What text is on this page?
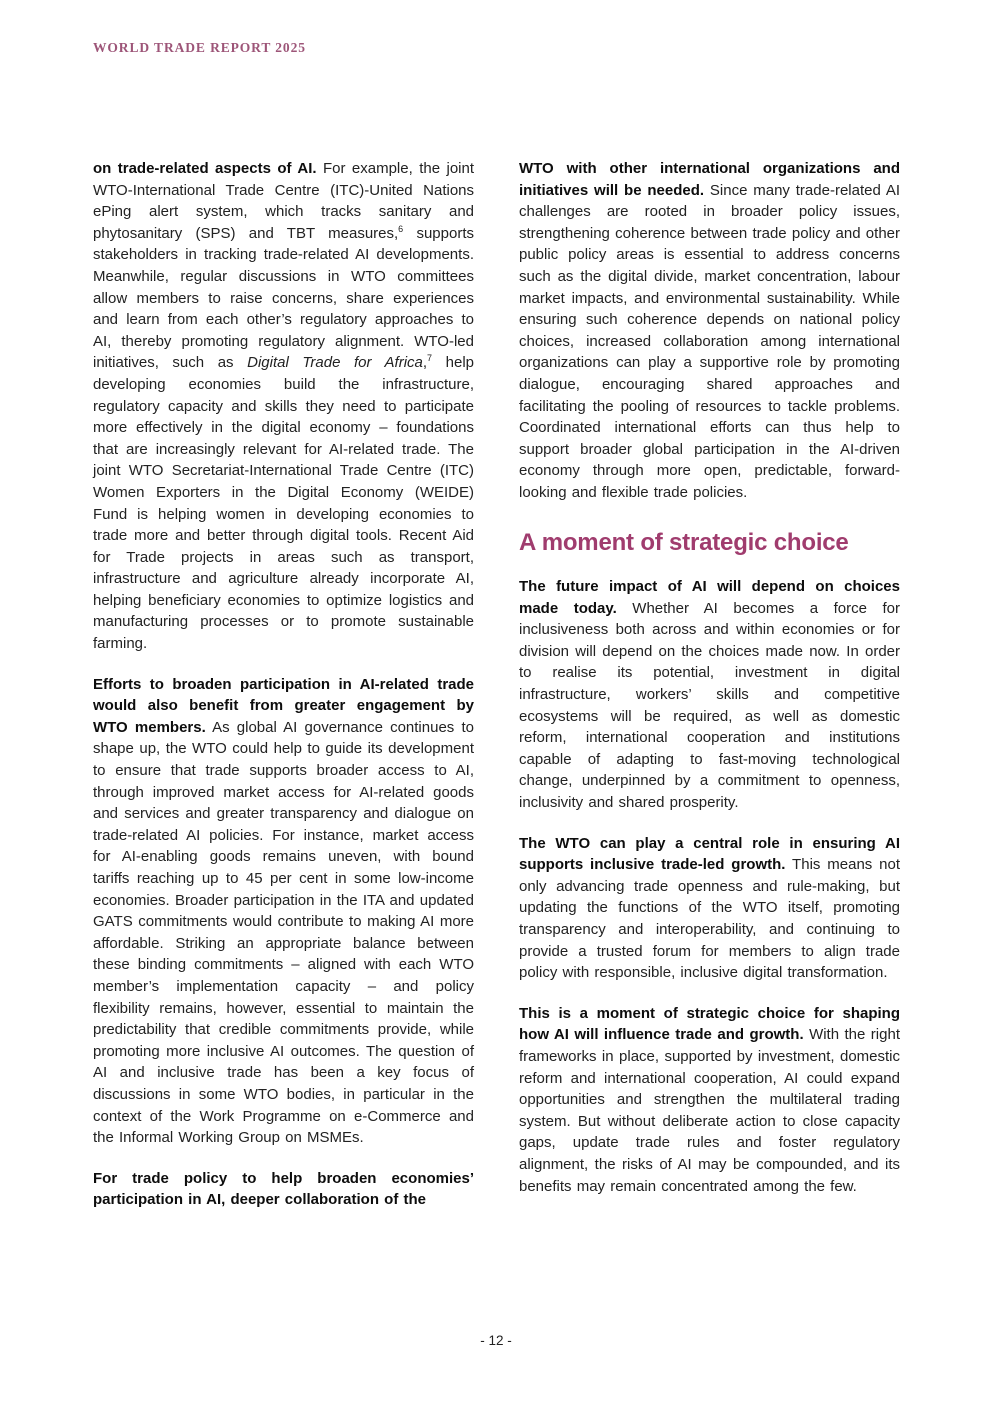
WORLD TRADE REPORT 2025

on trade-related aspects of AI. For example, the joint WTO-International Trade Centre (ITC)-United Nations ePing alert system, which tracks sanitary and phytosanitary (SPS) and TBT measures,$^6$ supports stakeholders in tracking trade-related AI developments. Meanwhile, regular discussions in WTO committees allow members to raise concerns, share experiences and learn from each other’s regulatory approaches to AI, thereby promoting regulatory alignment. WTO-led initiatives, such as Digital Trade for Africa,$^7$ help developing economies build the infrastructure, regulatory capacity and skills they need to participate more effectively in the digital economy – foundations that are increasingly relevant for AI-related trade. The joint WTO Secretariat-International Trade Centre (ITC) Women Exporters in the Digital Economy (WEIDE) Fund is helping women in developing economies to trade more and better through digital tools. Recent Aid for Trade projects in areas such as transport, infrastructure and agriculture already incorporate AI, helping beneficiary economies to optimize logistics and manufacturing processes or to promote sustainable farming.

Efforts to broaden participation in AI-related trade would also benefit from greater engagement by WTO members. As global AI governance continues to shape up, the WTO could help to guide its development to ensure that trade supports broader access to AI, through improved market access for AI-related goods and services and greater transparency and dialogue on trade-related AI policies. For instance, market access for AI-enabling goods remains uneven, with bound tariffs reaching up to 45 per cent in some low-income economies. Broader participation in the ITA and updated GATS commitments would contribute to making AI more affordable. Striking an appropriate balance between these binding commitments – aligned with each WTO member’s implementation capacity – and policy flexibility remains, however, essential to maintain the predictability that credible commitments provide, while promoting more inclusive AI outcomes. The question of AI and inclusive trade has been a key focus of discussions in some WTO bodies, in particular in the context of the Work Programme on e-Commerce and the Informal Working Group on MSMEs.

For trade policy to help broaden economies’ participation in AI, deeper collaboration of the

WTO with other international organizations and initiatives will be needed. Since many trade-related AI challenges are rooted in broader policy issues, strengthening coherence between trade policy and other public policy areas is essential to address concerns such as the digital divide, market concentration, labour market impacts, and environmental sustainability. While ensuring such coherence depends on national policy choices, increased collaboration among international organizations can play a supportive role by promoting dialogue, encouraging shared approaches and facilitating the pooling of resources to tackle problems. Coordinated international efforts can thus help to support broader global participation in the AI-driven economy through more open, predictable, forward-looking and flexible trade policies.

A moment of strategic choice

The future impact of AI will depend on choices made today. Whether AI becomes a force for inclusiveness both across and within economies or for division will depend on the choices made now. In order to realise its potential, investment in digital infrastructure, workers’ skills and competitive ecosystems will be required, as well as domestic reform, international cooperation and institutions capable of adapting to fast-moving technological change, underpinned by a commitment to openness, inclusivity and shared prosperity.

The WTO can play a central role in ensuring AI supports inclusive trade-led growth. This means not only advancing trade openness and rule-making, but updating the functions of the WTO itself, promoting transparency and interoperability, and continuing to provide a trusted forum for members to align trade policy with responsible, inclusive digital transformation.

This is a moment of strategic choice for shaping how AI will influence trade and growth. With the right frameworks in place, supported by investment, domestic reform and international cooperation, AI could expand opportunities and strengthen the multilateral trading system. But without deliberate action to close capacity gaps, update trade rules and foster regulatory alignment, the risks of AI may be compounded, and its benefits may remain concentrated among the few.

- 12 -
